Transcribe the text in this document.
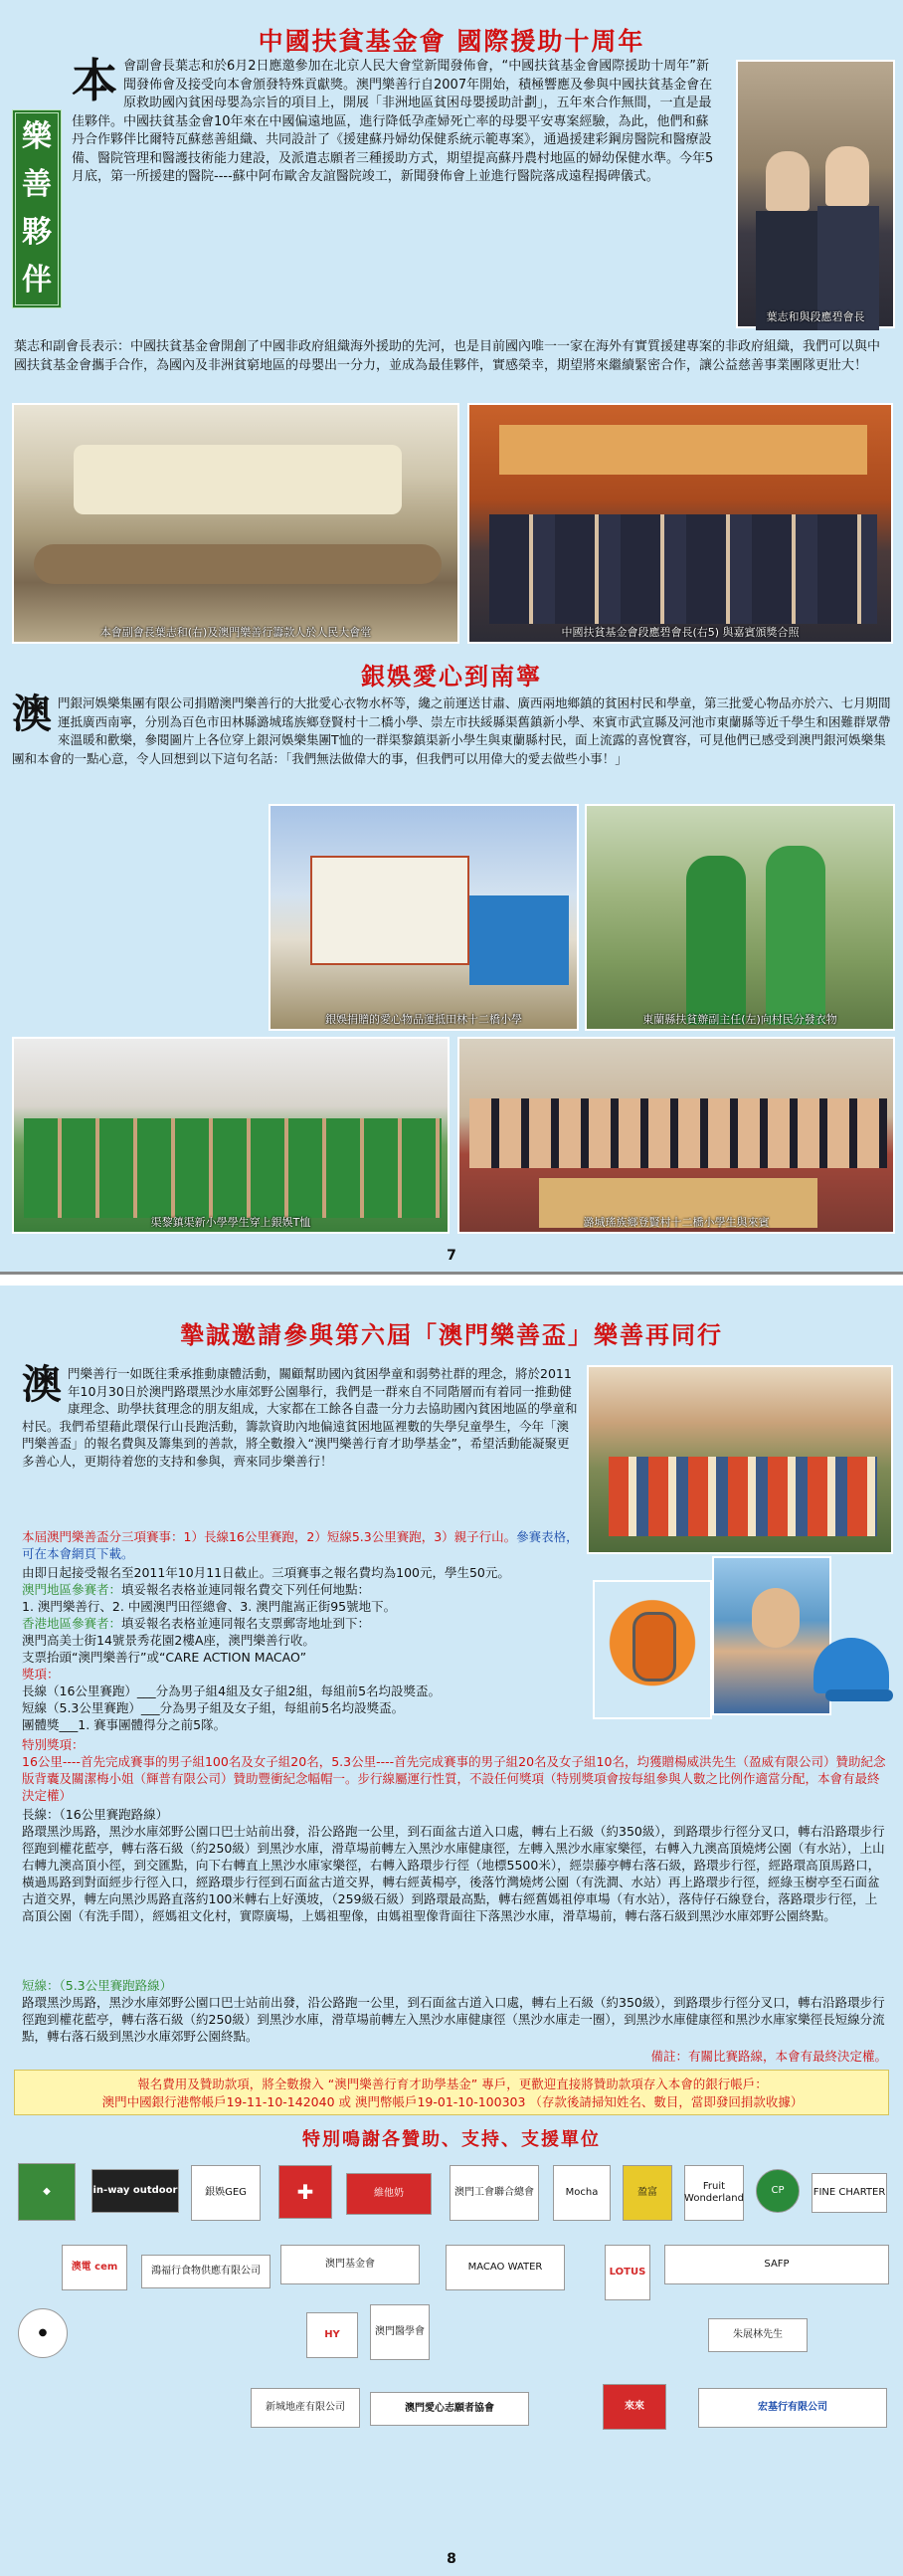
中國扶貧基金會 國際援助十周年
樂
善
夥
伴
本 會副會長葉志和於6月2日應邀參加在北京人民大會堂新聞發佈會，“中國扶貧基金會國際援助十周年”新聞發佈會及接受向本會頒發特殊貢獻獎。澳門樂善行自2007年開始，積極響應及參與中國扶貧基金會在原救助國內貧困母嬰為宗旨的項目上，開展「非洲地區貧困母嬰援助計劃」，五年來合作無間，一直是最佳夥伴。中國扶貧基金會10年來在中國偏遠地區，進行降低孕產婦死亡率的母嬰平安專案經驗，為此，他們和蘇丹合作夥伴比爾特瓦蘇慈善組織、共同設計了《援建蘇丹婦幼保健系統示範專案》，通過援建彩鋼房醫院和醫療設備、醫院管理和醫護技術能力建設，及派遣志願者三種援助方式，期望提高蘇丹農村地區的婦幼保健水準。今年5月底，第一所援建的醫院----蘇中阿布歐舍友誼醫院竣工，新聞發佈會上並進行醫院落成遠程揭碑儀式。
葉志和與段應碧會長
葉志和副會長表示：中國扶貧基金會開創了中國非政府組織海外援助的先河，也是目前國內唯一一家在海外有實質援建專案的非政府組織，我們可以與中國扶貧基金會攜手合作，為國內及非洲貧窮地區的母嬰出一分力，並成為最佳夥伴，實感榮幸，期望將來繼續緊密合作，讓公益慈善事業團隊更壯大！
本會副會長葉志和(右)及澳門樂善行籌款人於人民大會堂	中國扶貧基金會段應碧會長(右5) 與嘉賓頒獎合照
銀娛愛心到南寧
澳 門銀河娛樂集團有限公司捐贈澳門樂善行的大批愛心衣物水杯等，纔之前運送甘肅、廣西兩地鄉鎮的貧困村民和學童，第三批愛心物品亦於六、七月期間運抵廣西南寧，分別為百色市田林縣潞城瑤族鄉登賢村十二橋小學、崇左市扶綏縣渠舊鎮新小學、來賓市武宣縣及河池市東蘭縣等近千學生和困難群眾帶來溫暖和歡樂，參閱圖片上各位穿上銀河娛樂集團T恤的一群渠黎鎮渠新小學生與東蘭縣村民，面上流露的喜悅寶容，可見他們已感受到澳門銀河娛樂集團和本會的一點心意，令人回想到以下這句名話：「我們無法做偉大的事，但我們可以用偉大的愛去做些小事！」
銀娛捐贈的愛心物品運抵田林十二橋小學	東蘭縣扶貧辦副主任(左)向村民分發衣物
渠黎鎮渠新小學學生穿上銀娛T恤	潞城瑤族鄉登賢村十二橋小學生與來賓
7
摯誠邀請參與第六屆「澳門樂善盃」樂善再同行
澳 門樂善行一如既往秉承推動康體活動，關顧幫助國內貧困學童和弱勢社群的理念，將於2011年10月30日於澳門路環黑沙水庫郊野公園舉行，我們是一群來自不同階層而有着同一推動健康理念、助學扶貧理念的朋友組成，大家都在工餘各自盡一分力去協助國內貧困地區的學童和村民。我們希望藉此環保行山長跑活動，籌款資助內地偏遠貧困地區裡數的失學兒童學生，今年「澳門樂善盃」的報名費與及籌集到的善款，將全數撥入“澳門樂善行育才助學基金”，希望活動能凝聚更多善心人，更期待着您的支持和參與，齊來同步樂善行！
本屆澳門樂善盃分三項賽事：1）長線16公里賽跑，2）短線5.3公里賽跑，3）親子行山。參賽表格，可在本會網頁下載。
由即日起接受報名至2011年10月11日截止。三項賽事之報名費均為100元，學生50元。
澳門地區參賽者：填妥報名表格並連同報名費交下列任何地點：
1. 澳門樂善行、2. 中國澳門田徑總會、3. 澳門龍嵩正街95號地下。
香港地區參賽者：填妥報名表格並連同報名支票郵寄地址到下：
澳門高美士街14號景秀花園2樓A座，澳門樂善行收。
支票抬頭“澳門樂善行”或“CARE ACTION MACAO”
獎項：
長線（16公里賽跑）___分為男子組4組及女子組2組，每組前5名均設獎盃。
短線（5.3公里賽跑）___分為男子組及女子組，每組前5名均設獎盃。
團體獎___1. 賽事團體得分之前5隊。
特別獎項：
16公里----首先完成賽事的男子組100名及女子組20名，5.3公里----首先完成賽事的男子組20名及女子組10名，均獲贈楊威洪先生（盈威有限公司）贊助紀念版背囊及關潔梅小姐（輝普有限公司）贊助豐衝紀念幅帽一。步行線屬運行性質，不設任何獎項（特別獎項會按每組參與人數之比例作適當分配，本會有最終決定權）
長線：（16公里賽跑路線）
路環黑沙馬路，黑沙水庫郊野公園口巴士站前出發，沿公路跑一公里，到石面盆古道入口處，轉右上石級（約350級），到路環步行徑分叉口，轉右沿路環步行徑跑到權花藍亭，轉右落石級（約250級）到黑沙水庫，滑草場前轉左入黑沙水庫健康徑，左轉入黑沙水庫家樂徑，右轉入九澳高頂燒烤公園（有水站），上山右轉九澳高頂小徑，到交匯點，向下右轉直上黑沙水庫家樂徑，右轉入路環步行徑（地標5500米），經崇藤亭轉右落石級，路環步行徑，經路環高頂馬路口，橫過馬路到對面經步行徑入口，經路環步行徑到石面盆古道交界，轉右經黃楊亭，後落竹灣燒烤公園（有洗澗、水站）再上路環步行徑，經綠玉樹亭至石面盆古道交界，轉左向黑沙馬路直落約100米轉右上好漢坡，（259級石級）到路環最高點，轉右經舊媽祖停車場（有水站），落侍仔石線登台，落路環步行徑，上高頂公園（有洗手間），經媽祖文化村，實際廣場，上媽祖聖像，由媽祖聖像背面往下落黑沙水庫，滑草場前，轉右落石級到黑沙水庫郊野公園終點。
短線：（5.3公里賽跑路線）
路環黑沙馬路，黑沙水庫郊野公園口巴士站前出發，沿公路跑一公里，到石面盆古道入口處，轉右上石級（約350級），到路環步行徑分叉口，轉右沿路環步行徑跑到權花藍亭，轉右落石級（約250級）到黑沙水庫，滑草場前轉左入黑沙水庫健康徑（黑沙水庫走一圈），到黑沙水庫健康徑和黑沙水庫家樂徑長短線分流點，轉右落石級到黑沙水庫郊野公園終點。
備註：有關比賽路線，本會有最終決定權。
報名費用及贊助款項，將全數撥入 “澳門樂善行育才助學基金” 專戶，更歡迎直接將贊助款項存入本會的銀行帳戶：
澳門中國銀行港幣帳戶19-11-10-142040 或 澳門幣帳戶19-01-10-100303 （存款後請掃知姓名、數目，當即發回捐款收據）
特別鳴謝各贊助、支持、支援單位
◆	in-way outdoor	銀娛GEG	✚	維他奶	澳門工會聯合總會	Mocha	盈富
Fruit Wonderland
CP	FINE CHARTER
澳電 cem	澳門基金會	MACAO WATER	LOTUS
SAFP
鴻福行食物供應有限公司
●	澳門醫學會
HY	朱展林先生
新城地產有限公司	澳門愛心志願者協會	來來	宏基行有限公司
8
